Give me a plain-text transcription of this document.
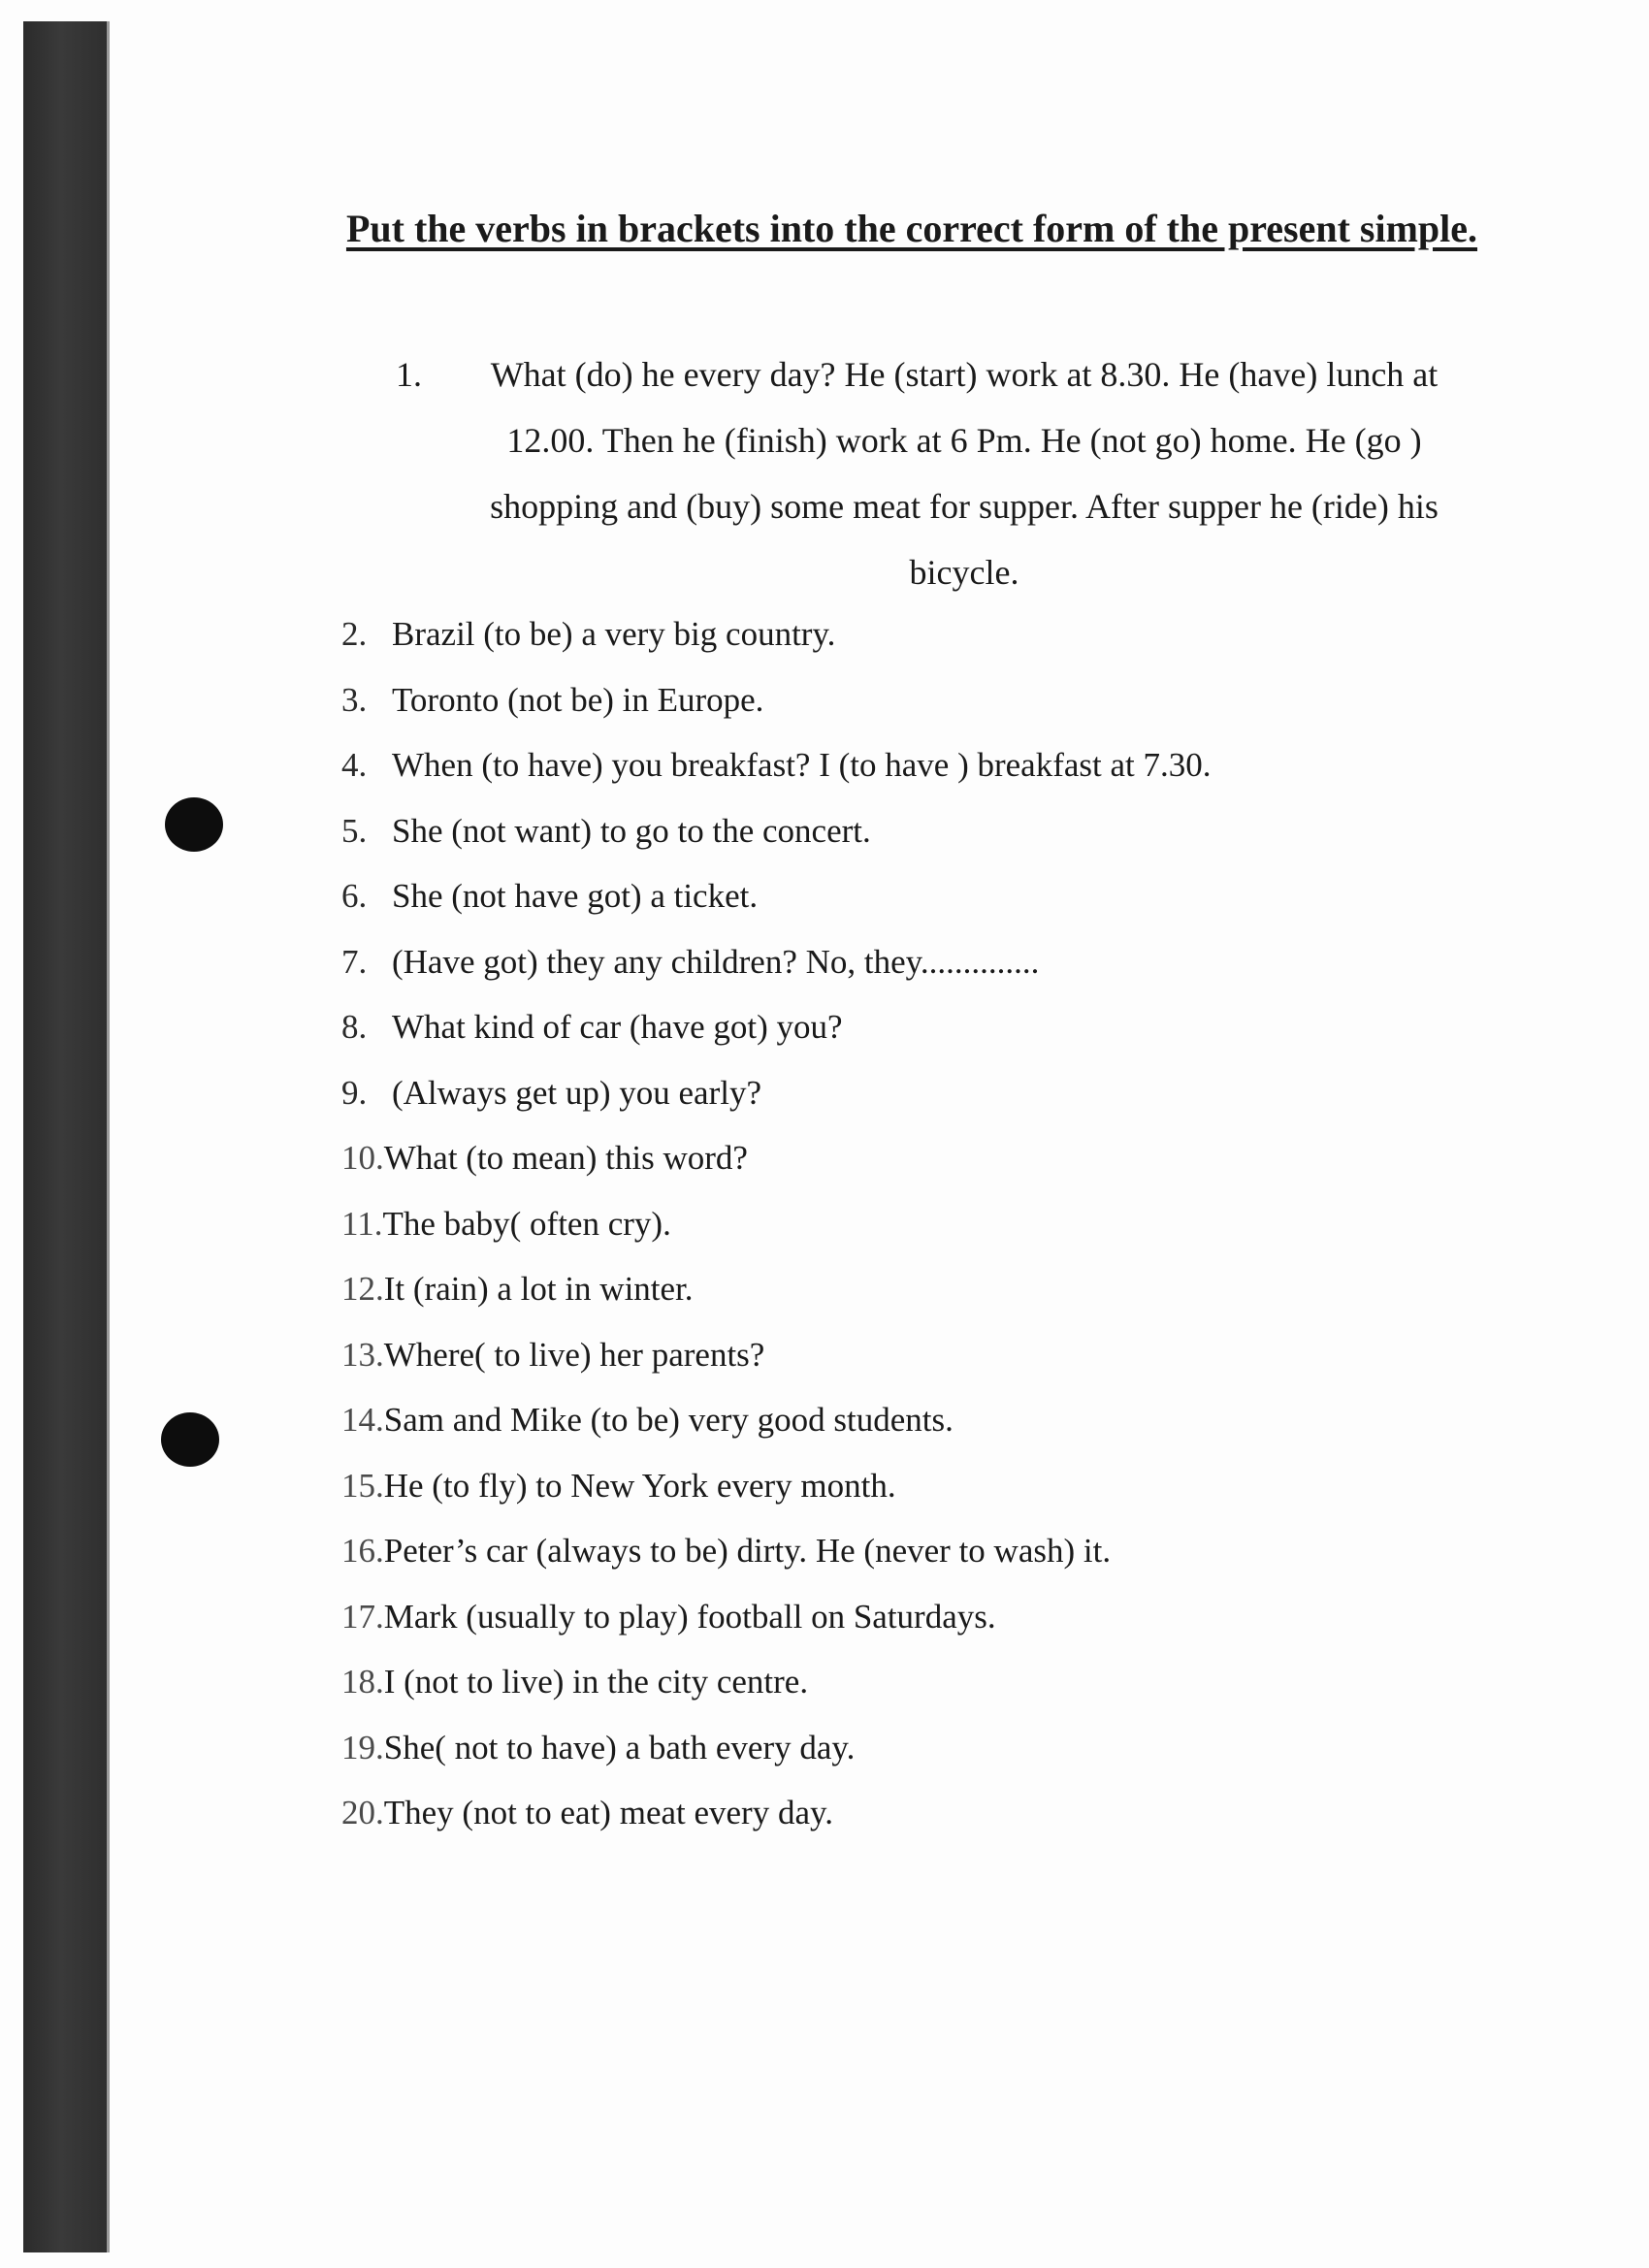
Put the verbs in brackets into the correct form of the present simple.
1.	What (do) he every day? He (start) work at 8.30. He (have) lunch at 12.00. Then he (finish) work at 6 Pm. He (not go) home. He (go ) shopping and (buy) some meat for supper. After supper he (ride) his bicycle.
2. Brazil (to be) a very big country.
3. Toronto (not be) in Europe.
4. When (to have) you breakfast? I (to have ) breakfast at 7.30.
5. She (not want) to go to the concert.
6. She (not have got) a ticket.
7. (Have got) they any children? No, they..............
8. What kind of car (have got) you?
9. (Always get up) you early?
10. What (to mean) this word?
11. The baby( often cry).
12. It (rain) a lot in winter.
13. Where( to live) her parents?
14. Sam and Mike (to be) very good students.
15. He (to fly) to New York every month.
16. Peter’s car (always to be) dirty. He (never to wash) it.
17. Mark (usually to play) football on Saturdays.
18. I (not to live) in the city centre.
19. She( not to have) a bath every day.
20. They (not to eat) meat every day.
